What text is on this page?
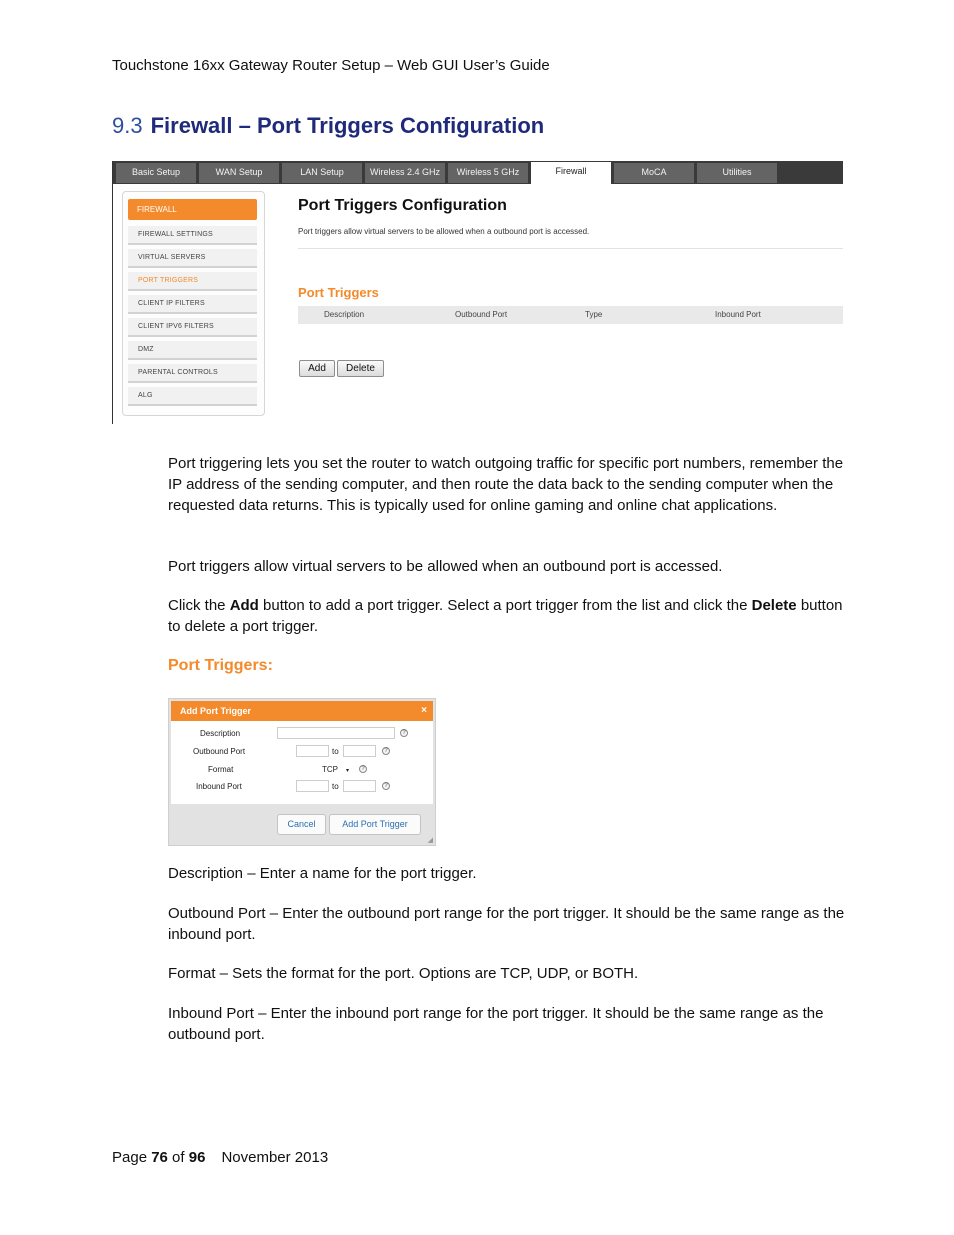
Touchstone 16xx Gateway Router Setup – Web GUI User’s Guide
9.3 Firewall – Port Triggers Configuration
Basic Setup	WAN Setup	LAN Setup	Wireless 2.4 GHz	Wireless 5 GHz	Firewall	MoCA	Utilities
FIREWALL
FIREWALL SETTINGS
VIRTUAL SERVERS
PORT TRIGGERS
CLIENT IP FILTERS
CLIENT IPV6 FILTERS
DMZ
PARENTAL CONTROLS
ALG
Port Triggers Configuration
Port triggers allow virtual servers to be allowed when a outbound port is accessed.
Port Triggers
Description	Outbound Port	Type	Inbound Port
Add	Delete
Port triggering lets you set the router to watch outgoing traffic for specific port numbers, remember the IP address of the sending computer, and then route the data back to the sending computer when the requested data returns. This is typically used for online gaming and online chat applications.
Port triggers allow virtual servers to be allowed when an outbound port is accessed.
Click the Add button to add a port trigger. Select a port trigger from the list and click the Delete button to delete a port trigger.
Port Triggers:
Add Port Trigger	×
Description	?
Outbound Port	to	?
Format	TCP ▾	?
Inbound Port	to	?
Cancel	Add Port Trigger
◢
Description – Enter a name for the port trigger.
Outbound Port – Enter the outbound port range for the port trigger. It should be the same range as the inbound port.
Format – Sets the format for the port. Options are TCP, UDP, or BOTH.
Inbound Port – Enter the inbound port range for the port trigger. It should be the same range as the outbound port.
Page 76 of 96 November 2013
